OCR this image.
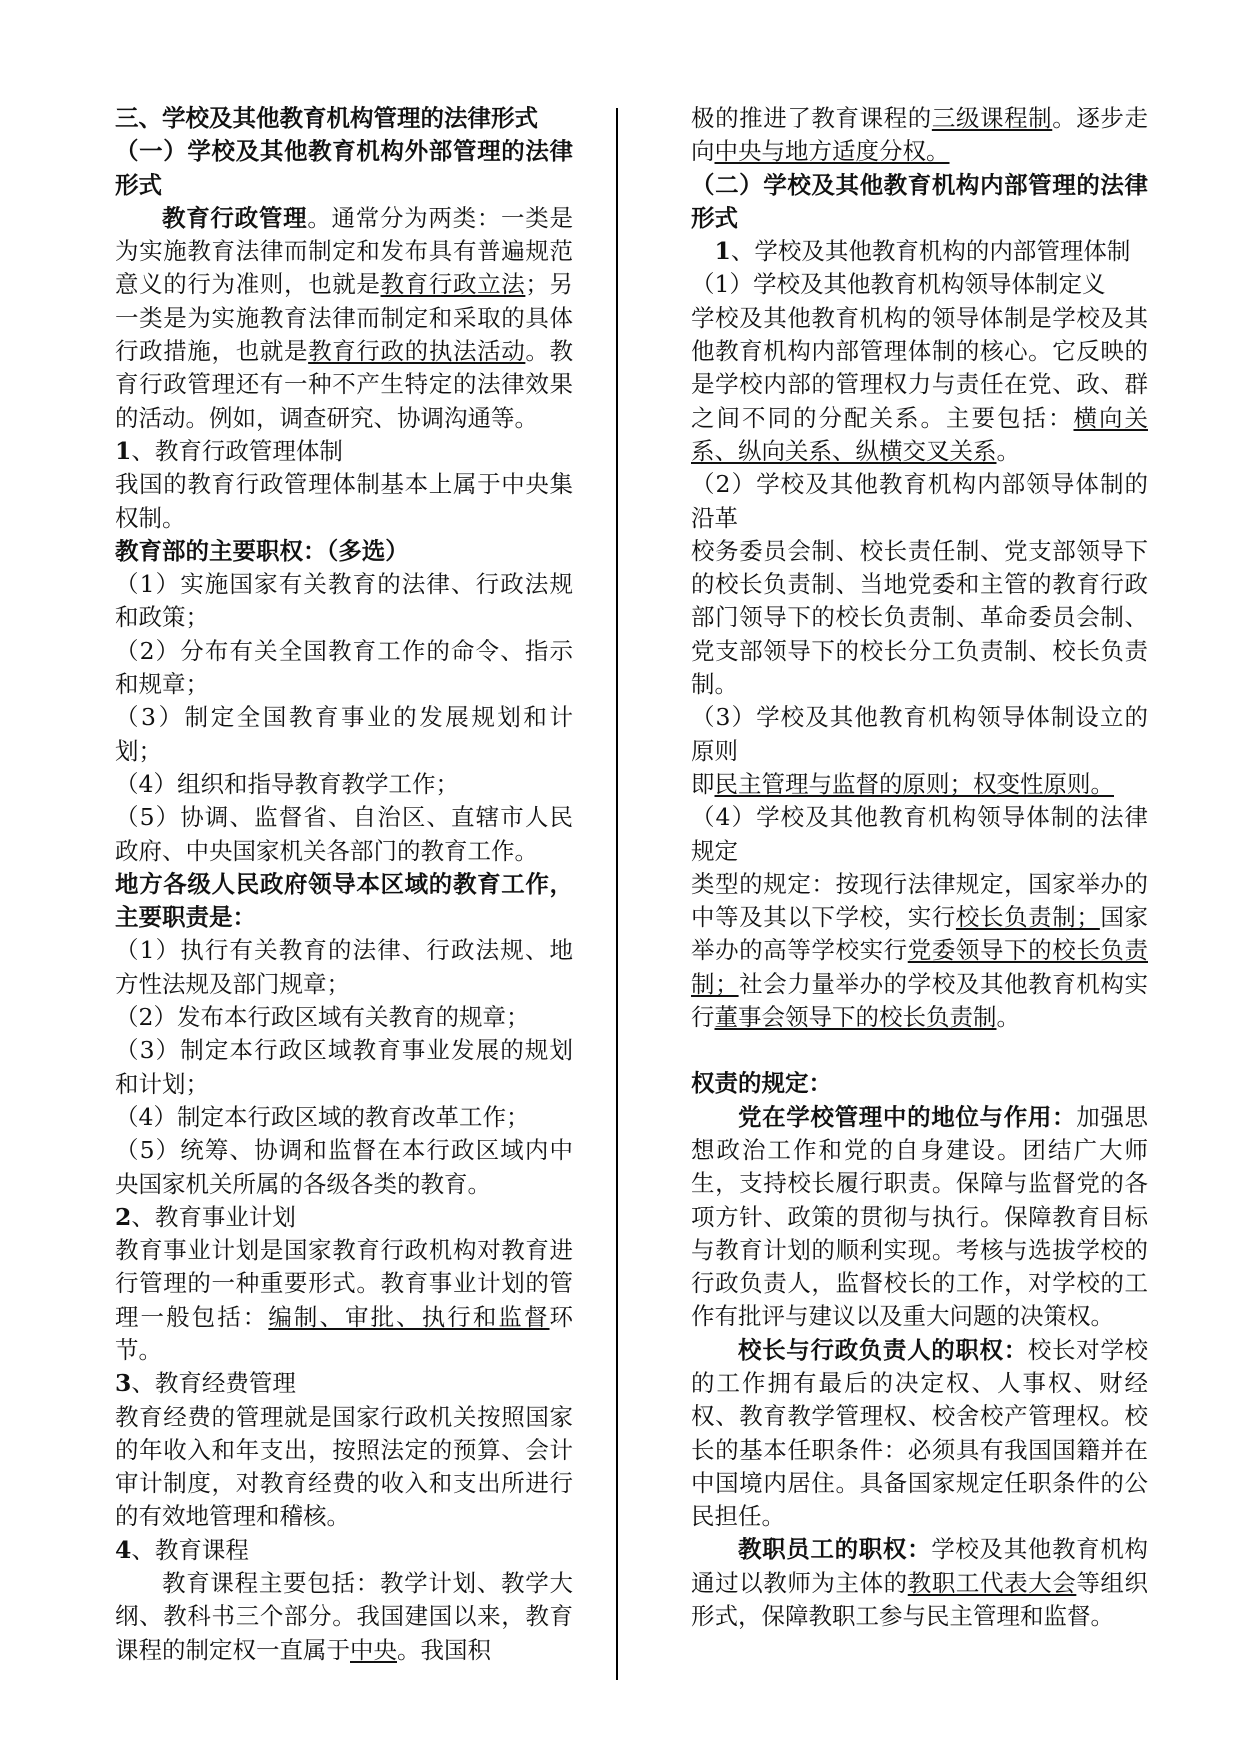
三、学校及其他教育机构管理的法律形式

（一）学校及其他教育机构外部管理的法律形式

教育行政管理。通常分为两类：一类是为实施教育法律而制定和发布具有普遍规范意义的行为准则，也就是教育行政立法；另一类是为实施教育法律而制定和采取的具体行政措施，也就是教育行政的执法活动。教育行政管理还有一种不产生特定的法律效果的活动。例如，调查研究、协调沟通等。

1、教育行政管理体制

我国的教育行政管理体制基本上属于中央集权制。

教育部的主要职权：（多选）

（1）实施国家有关教育的法律、行政法规和政策；

（2）分布有关全国教育工作的命令、指示和规章；

（3）制定全国教育事业的发展规划和计划；

（4）组织和指导教育教学工作；

（5）协调、监督省、自治区、直辖市人民政府、中央国家机关各部门的教育工作。

地方各级人民政府领导本区域的教育工作，主要职责是：

（1）执行有关教育的法律、行政法规、地方性法规及部门规章；

（2）发布本行政区域有关教育的规章；

（3）制定本行政区域教育事业发展的规划和计划；

（4）制定本行政区域的教育改革工作；

（5）统筹、协调和监督在本行政区域内中央国家机关所属的各级各类的教育。

2、教育事业计划

教育事业计划是国家教育行政机构对教育进行管理的一种重要形式。教育事业计划的管理一般包括：编制、审批、执行和监督环节。

3、教育经费管理

教育经费的管理就是国家行政机关按照国家的年收入和年支出，按照法定的预算、会计审计制度，对教育经费的收入和支出所进行的有效地管理和稽核。

4、教育课程

教育课程主要包括：教学计划、教学大纲、教科书三个部分。我国建国以来，教育课程的制定权一直属于中央。我国积

极的推进了教育课程的三级课程制。逐步走向中央与地方适度分权。

（二）学校及其他教育机构内部管理的法律形式

1、学校及其他教育机构的内部管理体制

（1）学校及其他教育机构领导体制定义

学校及其他教育机构的领导体制是学校及其他教育机构内部管理体制的核心。它反映的是学校内部的管理权力与责任在党、政、群之间不同的分配关系。主要包括：横向关系、纵向关系、纵横交叉关系。

（2）学校及其他教育机构内部领导体制的沿革

校务委员会制、校长责任制、党支部领导下的校长负责制、当地党委和主管的教育行政部门领导下的校长负责制、革命委员会制、党支部领导下的校长分工负责制、校长负责制。

（3）学校及其他教育机构领导体制设立的原则

即民主管理与监督的原则；权变性原则。

（4）学校及其他教育机构领导体制的法律规定

类型的规定：按现行法律规定，国家举办的中等及其以下学校，实行校长负责制；国家举办的高等学校实行党委领导下的校长负责制；社会力量举办的学校及其他教育机构实行董事会领导下的校长负责制。

权责的规定：

党在学校管理中的地位与作用：加强思想政治工作和党的自身建设。团结广大师生，支持校长履行职责。保障与监督党的各项方针、政策的贯彻与执行。保障教育目标与教育计划的顺利实现。考核与选拔学校的行政负责人，监督校长的工作，对学校的工作有批评与建议以及重大问题的决策权。

校长与行政负责人的职权：校长对学校的工作拥有最后的决定权、人事权、财经权、教育教学管理权、校舍校产管理权。校长的基本任职条件：必须具有我国国籍并在中国境内居住。具备国家规定任职条件的公民担任。

教职员工的职权：学校及其他教育机构通过以教师为主体的教职工代表大会等组织形式，保障教职工参与民主管理和监督。
